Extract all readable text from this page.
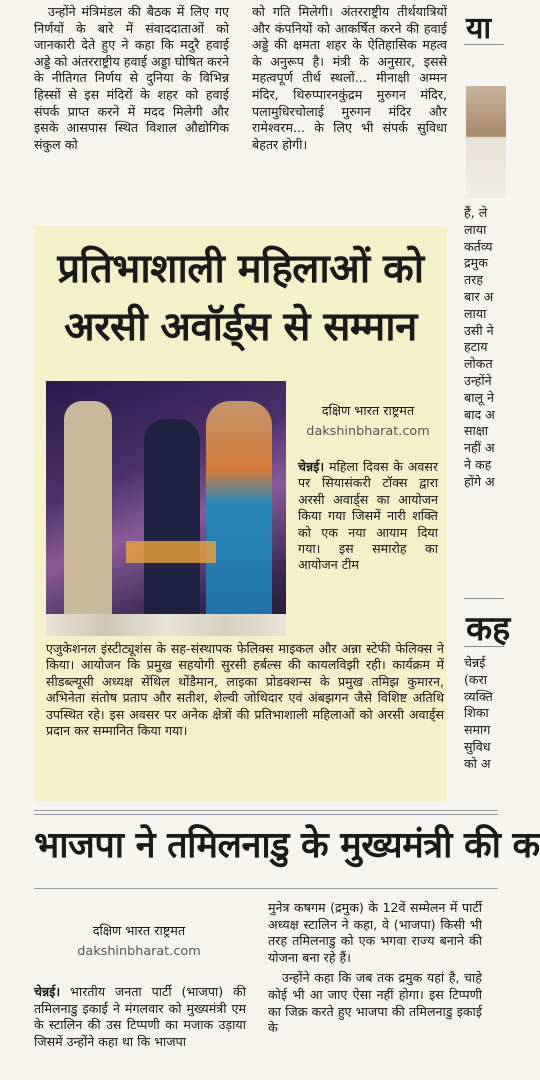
उन्होंने मंत्रिमंडल की बैठक में लिए गए निर्णयों के बारे में संवाददाताओं को जानकारी देते हुए ने कहा कि मदुरै हवाई अड्डे को अंतरराष्ट्रीय हवाई अड्डा घोषित करने के नीतिगत निर्णय से दुनिया के विभिन्न हिस्सों से इस मंदिरों के शहर को हवाई संपर्क प्राप्त करने में मदद मिलेगी और इसके आसपास स्थित विशाल औद्योगिक संकुल को

को गति मिलेगी। अंतरराष्ट्रीय तीर्थयात्रियों और कंपनियों को आकर्षित करने की हवाई अड्डे की क्षमता शहर के ऐतिहासिक महत्व के अनुरूप है। मंत्री के अनुसार, इससे महत्वपूर्ण तीर्थ स्थलों... मीनाक्षी अम्मन मंदिर, थिरुप्पारनकुंद्रम मुरुगन मंदिर, पलामुधिरचोलाई मुरुगन मंदिर और रामेश्वरम... के लिए भी संपर्क सुविधा बेहतर होगी।

प्रतिभाशाली महिलाओं को
अरसी अवॉर्ड्स से सम्मान
दक्षिण भारत राष्ट्रमत
dakshinbharat.com
चेन्नई। महिला दिवस के अवसर पर सियासंकरी टॉक्स द्वारा अरसी अवार्ड्स का आयोजन किया गया जिसमें नारी शक्ति को एक नया आयाम दिया गया। इस समारोह का आयोजन टीम
एजुकेशनल इंस्टीट्यूशंस के सह-संस्थापक फेलिक्स माइकल और अन्ना स्टेफी फेलिक्स ने किया। आयोजन कि प्रमुख सहयोगी सुरसी हर्बल्स की कायलविझी रही। कार्यक्रम में सीडब्ल्यूसी अध्यक्ष सेंथिल थोंडैमान, लाइका प्रोडक्शन्स के प्रमुख तमिझ कुमारन, अभिनेता संतोष प्रताप और सतीश, शेल्वी जोथिदार एवं अंबझगन जैसे विशिष्ट अतिथि उपस्थित रहे। इस अवसर पर अनेक क्षेत्रों की प्रतिभाशाली महिलाओं को अरसी अवार्ड्स प्रदान कर सम्मानित किया गया।
भाजपा ने तमिलनाडु के मुख्यमंत्री की क
दक्षिण भारत राष्ट्रमत
dakshinbharat.com

चेन्नई। भारतीय जनता पार्टी (भाजपा) की तमिलनाडु इकाई ने मंगलवार को मुख्यमंत्री एम के स्टालिन की उस टिप्पणी का मजाक उड़ाया जिसमें उन्होंने कहा था कि भाजपा

मुनेत्र कषगम (द्रमुक) के 12वें सम्मेलन में पार्टी अध्यक्ष स्टालिन ने कहा, वे (भाजपा) किसी भी तरह तमिलनाडु को एक भगवा राज्य बनाने की योजना बना रहे हैं।

उन्होंने कहा कि जब तक द्रमुक यहां है, चाहे कोई भी आ जाए ऐसा नहीं होगा। इस टिप्पणी का जिक्र करते हुए भाजपा की तमिलनाडु इकाई के

या
हैं, ले
लाया
कर्तव्य
द्रमुक
तरह
बार अ
लाया
उसी ने
हटाय
लोकत
उन्होंने
बालू ने
बाद अ
साक्षा
नहीं अ
ने कह
होंगे अ
कह
चेन्नई
(करा
व्यक्ति
शिका
समाग
सुविध
को अ
